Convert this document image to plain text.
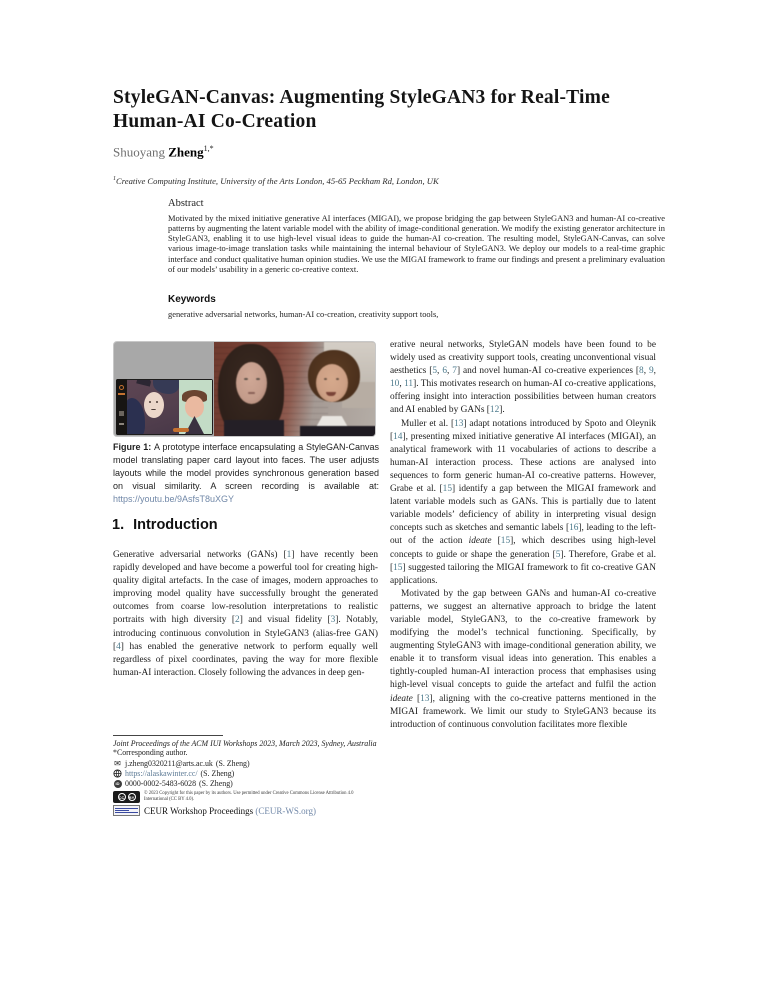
StyleGAN-Canvas: Augmenting StyleGAN3 for Real-Time Human-AI Co-Creation
Shuoyang Zheng$^{1,*}$
$^1$Creative Computing Institute, University of the Arts London, 45-65 Peckham Rd, London, UK
Abstract

Motivated by the mixed initiative generative AI interfaces (MIGAI), we propose bridging the gap between StyleGAN3 and human-AI co-creative patterns by augmenting the latent variable model with the ability of image-conditional generation. We modify the existing generator architecture in StyleGAN3, enabling it to use high-level visual ideas to guide the human-AI co-creation. The resulting model, StyleGAN-Canvas, can solve various image-to-image translation tasks while maintaining the internal behaviour of StyleGAN3. We deploy our models to a real-time graphic interface and conduct qualitative human opinion studies. We use the MIGAI framework to frame our findings and present a preliminary evaluation of our models’ usability in a generic co-creative context.

Keywords

generative adversarial networks, human-AI co-creation, creativity support tools,

Figure 1: A prototype interface encapsulating a StyleGAN-Canvas model translating paper card layout into faces. The user adjusts layouts while the model provides synchronous generation based on visual similarity. A screen recording is available at: https://youtu.be/9AsfsT8uXGY
1. Introduction

Generative adversarial networks (GANs) [1] have recently been rapidly developed and have become a powerful tool for creating high-quality digital artefacts. In the case of images, modern approaches to improving model quality have successfully brought the generated outcomes from coarse low-resolution interpretations to realistic portraits with high diversity [2] and visual fidelity [3]. Notably, introducing continuous convolution in StyleGAN3 (alias-free GAN) [4] has enabled the generative network to perform equally well regardless of pixel coordinates, paving the way for more flexible human-AI interaction. Closely following the advances in deep gen-

erative neural networks, StyleGAN models have been found to be widely used as creativity support tools, creating unconventional visual aesthetics [5, 6, 7] and novel human-AI co-creative experiences [8, 9, 10, 11]. This motivates research on human-AI co-creative applications, offering insight into interaction possibilities between human creators and AI enabled by GANs [12].

Muller et al. [13] adapt notations introduced by Spoto and Oleynik [14], presenting mixed initiative generative AI interfaces (MIGAI), an analytical framework with 11 vocabularies of actions to describe a human-AI interaction process. These actions are analysed into sequences to form generic human-AI co-creative patterns. However, Grabe et al. [15] identify a gap between the MIGAI framework and latent variable models such as GANs. This is partially due to latent variable models’ deficiency of ability in interpreting visual design concepts such as sketches and semantic labels [16], leading to the left-out of the action ideate [15], which describes using high-level concepts to guide or shape the generation [5]. Therefore, Grabe et al. [15] suggested tailoring the MIGAI framework to fit co-creative GAN applications.

Motivated by the gap between GANs and human-AI co-creative patterns, we suggest an alternative approach to bridge the latent variable model, StyleGAN3, to the co-creative framework by modifying the model’s technical functioning. Specifically, by augmenting StyleGAN3 with image-conditional generation ability, we enable it to transform visual ideas into generation. This enables a tightly-coupled human-AI interaction process that emphasises using high-level visual concepts to guide the artefact and fulfil the action ideate [13], aligning with the co-creative patterns mentioned in the MIGAI framework. We limit our study to StyleGAN3 because its introduction of continuous convolution facilitates more flexible

Joint Proceedings of the ACM IUI Workshops 2023, March 2023, Sydney, Australia
*Corresponding author.
✉ j.zheng0320211@arts.ac.uk (S. Zheng)
https://alaskawinter.cc/ (S. Zheng)
iD 0000-0002-5483-6028 (S. Zheng)
CC	BY
© 2023 Copyright for this paper by its authors. Use permitted under Creative Commons License Attribution 4.0 International (CC BY 4.0).
CEUR Workshop Proceedings (CEUR-WS.org)
